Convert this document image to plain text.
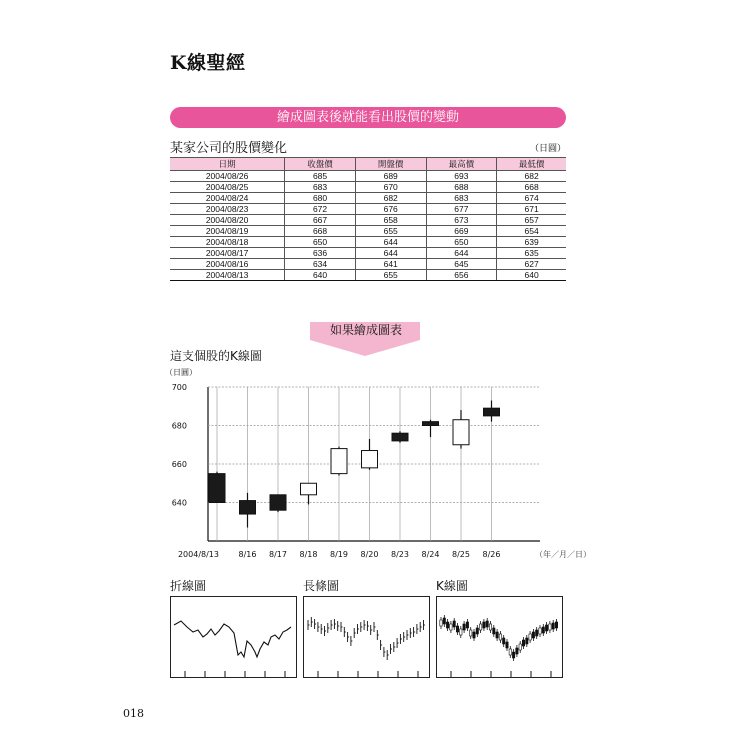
K線聖經
繪成圖表後就能看出股價的變動
某家公司的股價變化	（日圓）
日期	收盤價	開盤價	最高價	最低價
2004/08/26	685	689	693	682
2004/08/25	683	670	688	668
2004/08/24	680	682	683	674
2004/08/23	672	676	677	671
2004/08/20	667	658	673	657
2004/08/19	668	655	669	654
2004/08/18	650	644	650	639
2004/08/17	636	644	644	635
2004/08/16	634	641	645	627
2004/08/13	640	655	656	640
如果繪成圖表
這支個股的K線圖
（日圓）
700
680
660
640
2004/8/13 8/16 8/17 8/18 8/19 8/20 8/23 8/24 8/25 8/26	（年／月／日）
折線圖	長條圖	K線圖
018
